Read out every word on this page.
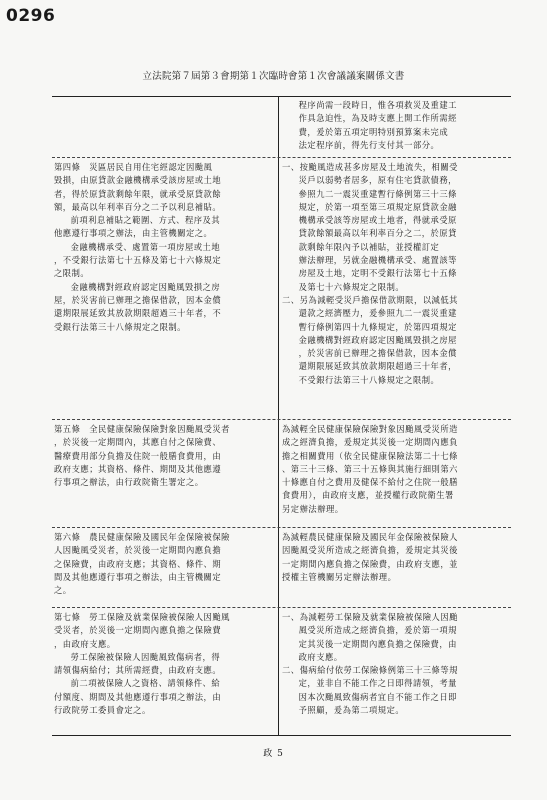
0296
立法院第７屆第３會期第１次臨時會第１次會議議案關係文書

程序尚需一段時日，惟各項救災及重建工

作具急迫性，為及時支應上開工作所需經

費，爰於第五項定明特別預算案未完成

法定程序前，得先行支付其一部分。

第四條　災區居民自用住宅經認定因颱風

毀損，由原貸款金融機構承受該房屋或土地

者，得於原貸款剩餘年限，就承受原貸款餘

額，最高以年利率百分之二予以利息補貼。

前項利息補貼之範圍、方式、程序及其

他應遵行事項之辦法，由主管機關定之。

金融機構承受、處置第一項房屋或土地

，不受銀行法第七十五條及第七十六條規定

之限制。

金融機構對經政府認定因颱風毀損之房

屋，於災害前已辦理之擔保借款，因本金償

還期限展延致其放款期限超過三十年者，不

受銀行法第三十八條規定之限制。

一、按颱風造成甚多房屋及土地流失，相關受

災戶以弱勢者居多，原有住宅貸款債務，

參照九二一震災重建暫行條例第三十三條

規定，於第一項至第三項規定原貸款金融

機構承受該等房屋或土地者，得就承受原

貸款餘額最高以年利率百分之二，於原貸

款剩餘年限內予以補貼，並授權訂定

辦法辦理，另就金融機構承受、處置該等

房屋及土地，定明不受銀行法第七十五條

及第七十六條規定之限制。

二、另為減輕受災戶擔保借款期限，以減低其

還款之經濟壓力，爰參照九二一震災重建

暫行條例第四十九條規定，於第四項規定

金融機構對經政府認定因颱風毀損之房屋

，於災害前已辦理之擔保借款，因本金償

還期限展延致其放款期限超過三十年者，

不受銀行法第三十八條規定之限制。

第五條　全民健康保險保險對象因颱風受災者

，於災後一定期間內，其應自付之保險費、

醫療費用部分負擔及住院一般膳食費用，由

政府支應；其資格、條件、期間及其他應遵

行事項之辦法，由行政院衛生署定之。

為減輕全民健康保險保險對象因颱風受災所造

成之經濟負擔，爰規定其災後一定期間內應負

擔之相關費用（依全民健康保險法第二十七條

、第三十三條、第三十五條與其施行細則第六

十條應自付之費用及健保不給付之住院一般膳

食費用），由政府支應，並授權行政院衛生署

另定辦法辦理。

第六條　農民健康保險及國民年金保險被保險

人因颱風受災者，於災後一定期間內應負擔

之保險費，由政府支應；其資格、條件、期

間及其他應遵行事項之辦法，由主管機關定

之。

為減輕農民健康保險及國民年金保險被保險人

因颱風受災所造成之經濟負擔，爰規定其災後

一定期間內應負擔之保險費，由政府支應，並

授權主管機關另定辦法辦理。

第七條　勞工保險及就業保險被保險人因颱風

受災者，於災後一定期間內應負擔之保險費

，由政府支應。

勞工保險被保險人因颱風致傷病者，得

請領傷病給付；其所需經費，由政府支應。

前二項被保險人之資格、請領條件、給

付額度、期間及其他應遵行事項之辦法，由

行政院勞工委員會定之。

一、為減輕勞工保險及就業保險被保險人因颱

風受災所造成之經濟負擔，爰於第一項規

定其災後一定期間內應負擔之保險費，由

政府支應。

二、傷病給付依勞工保險條例第三十三條等規

定，並非自不能工作之日即得請領，考量

因本次颱風致傷病者宜自不能工作之日即

予照顧，爰為第二項規定。

政 5
